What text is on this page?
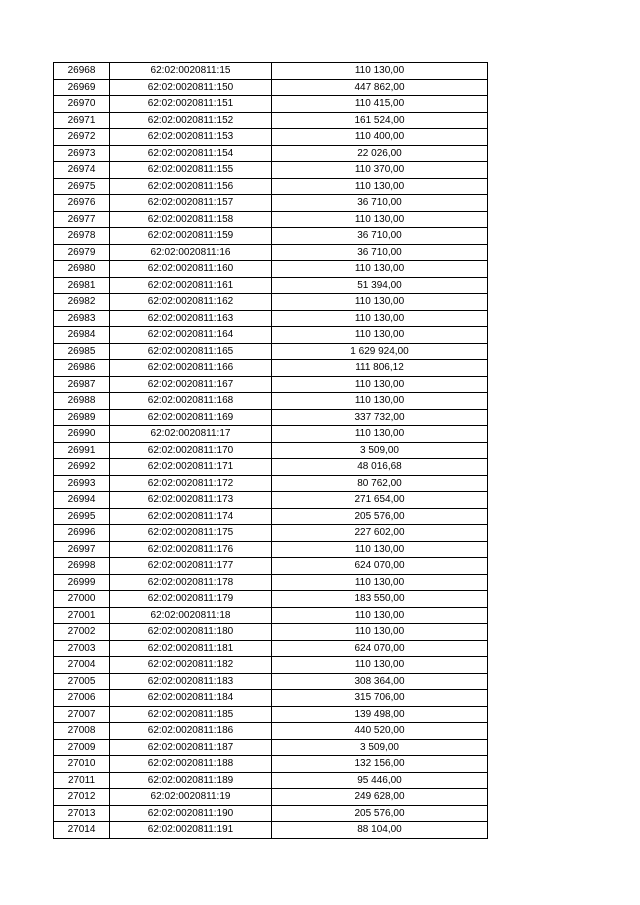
26968	62:02:0020811:15	110 130,00
26969	62:02:0020811:150	447 862,00
26970	62:02:0020811:151	110 415,00
26971	62:02:0020811:152	161 524,00
26972	62:02:0020811:153	110 400,00
26973	62:02:0020811:154	22 026,00
26974	62:02:0020811:155	110 370,00
26975	62:02:0020811:156	110 130,00
26976	62:02:0020811:157	36 710,00
26977	62:02:0020811:158	110 130,00
26978	62:02:0020811:159	36 710,00
26979	62:02:0020811:16	36 710,00
26980	62:02:0020811:160	110 130,00
26981	62:02:0020811:161	51 394,00
26982	62:02:0020811:162	110 130,00
26983	62:02:0020811:163	110 130,00
26984	62:02:0020811:164	110 130,00
26985	62:02:0020811:165	1 629 924,00
26986	62:02:0020811:166	111 806,12
26987	62:02:0020811:167	110 130,00
26988	62:02:0020811:168	110 130,00
26989	62:02:0020811:169	337 732,00
26990	62:02:0020811:17	110 130,00
26991	62:02:0020811:170	3 509,00
26992	62:02:0020811:171	48 016,68
26993	62:02:0020811:172	80 762,00
26994	62:02:0020811:173	271 654,00
26995	62:02:0020811:174	205 576,00
26996	62:02:0020811:175	227 602,00
26997	62:02:0020811:176	110 130,00
26998	62:02:0020811:177	624 070,00
26999	62:02:0020811:178	110 130,00
27000	62:02:0020811:179	183 550,00
27001	62:02:0020811:18	110 130,00
27002	62:02:0020811:180	110 130,00
27003	62:02:0020811:181	624 070,00
27004	62:02:0020811:182	110 130,00
27005	62:02:0020811:183	308 364,00
27006	62:02:0020811:184	315 706,00
27007	62:02:0020811:185	139 498,00
27008	62:02:0020811:186	440 520,00
27009	62:02:0020811:187	3 509,00
27010	62:02:0020811:188	132 156,00
27011	62:02:0020811:189	95 446,00
27012	62:02:0020811:19	249 628,00
27013	62:02:0020811:190	205 576,00
27014	62:02:0020811:191	88 104,00
